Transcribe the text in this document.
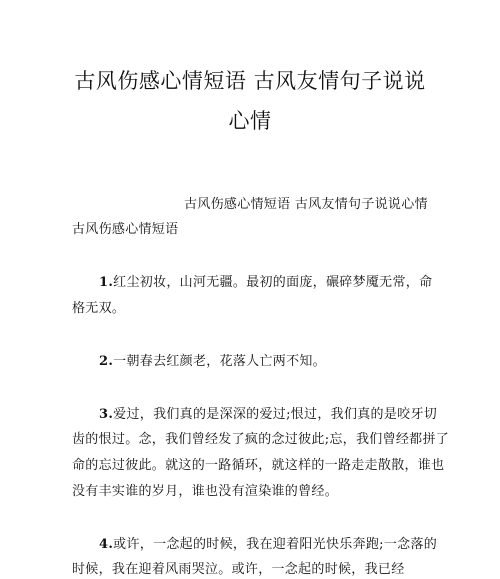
古风伤感心情短语 古风友情句子说说
心情
古风伤感心情短语 古风友情句子说说心情
古风伤感心情短语
1.红尘初妆，山河无疆。最初的面庞，碾碎梦魇无常，命
格无双。
2.一朝春去红颜老，花落人亡两不知。
3.爱过，我们真的是深深的爱过;恨过，我们真的是咬牙切
齿的恨过。念，我们曾经发了疯的念过彼此;忘，我们曾经都拼了
命的忘过彼此。就这的一路循环，就这样的一路走走散散，谁也
没有丰实谁的岁月，谁也没有渲染谁的曾经。
4.或许，一念起的时候，我在迎着阳光快乐奔跑;一念落的
时候，我在迎着风雨哭泣。或许，一念起的时候，我已经
